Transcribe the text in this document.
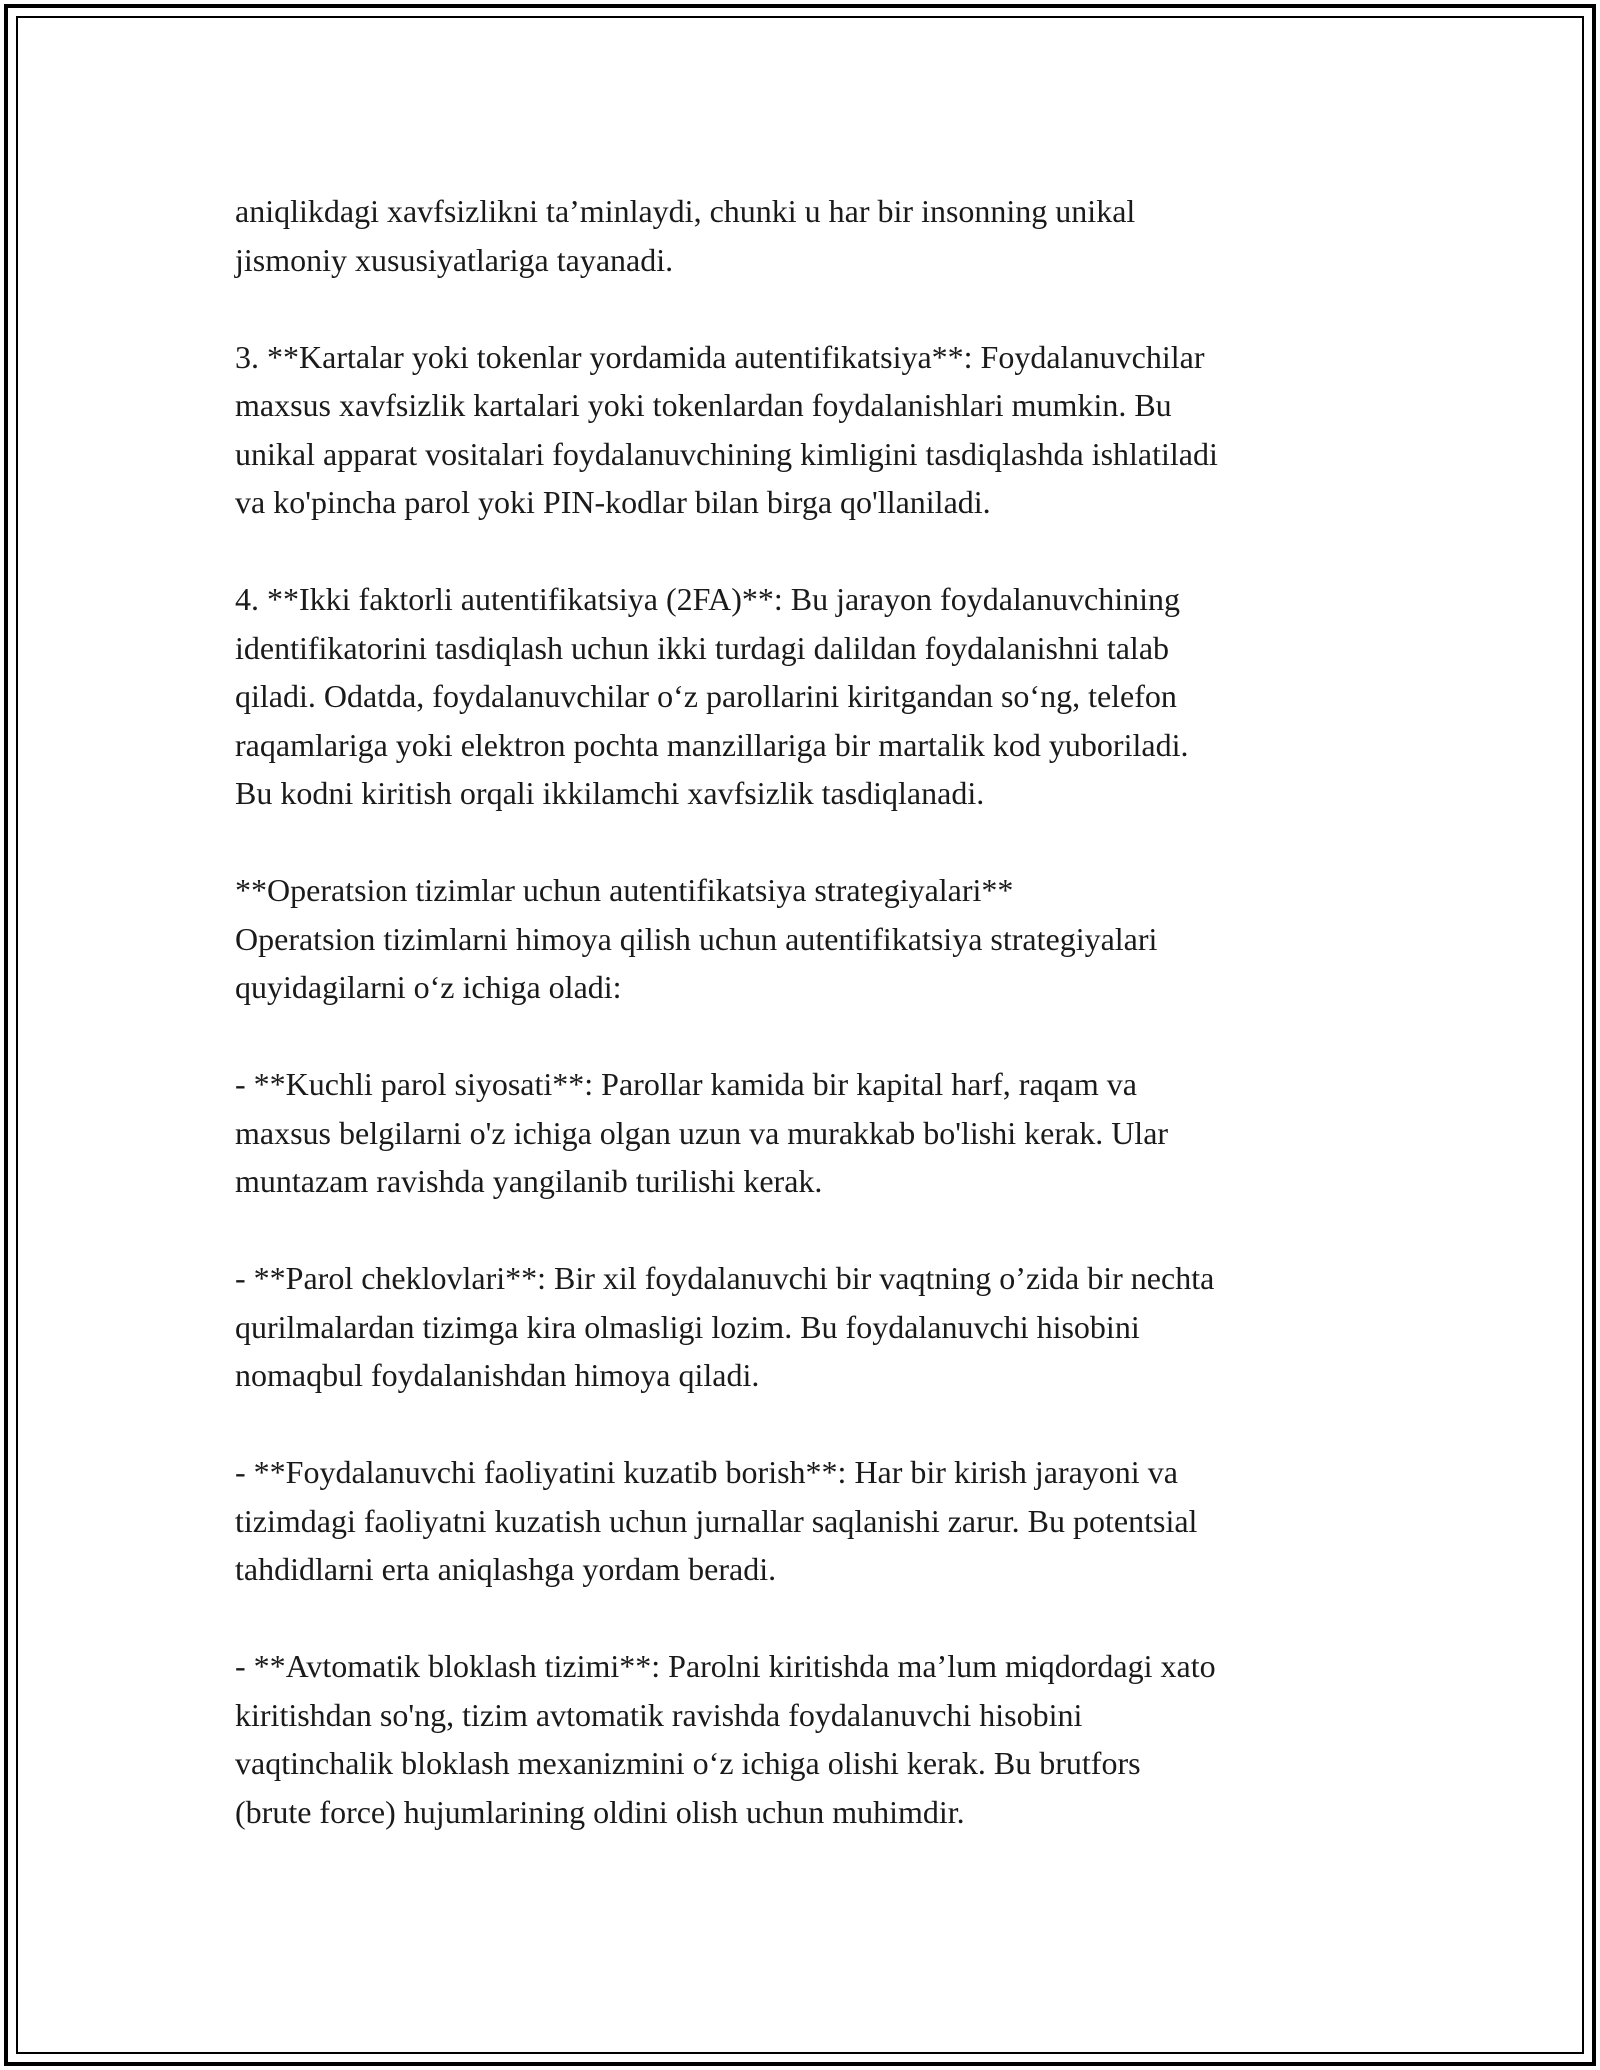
aniqlikdagi xavfsizlikni ta’minlaydi, chunki u har bir insonning unikal
jismoniy xususiyatlariga tayanadi.

3. **Kartalar yoki tokenlar yordamida autentifikatsiya**: Foydalanuvchilar
maxsus xavfsizlik kartalari yoki tokenlardan foydalanishlari mumkin. Bu
unikal apparat vositalari foydalanuvchining kimligini tasdiqlashda ishlatiladi
va ko'pincha parol yoki PIN-kodlar bilan birga qo'llaniladi.

4. **Ikki faktorli autentifikatsiya (2FA)**: Bu jarayon foydalanuvchining
identifikatorini tasdiqlash uchun ikki turdagi dalildan foydalanishni talab
qiladi. Odatda, foydalanuvchilar o‘z parollarini kiritgandan so‘ng, telefon
raqamlariga yoki elektron pochta manzillariga bir martalik kod yuboriladi.
Bu kodni kiritish orqali ikkilamchi xavfsizlik tasdiqlanadi.

**Operatsion tizimlar uchun autentifikatsiya strategiyalari**
Operatsion tizimlarni himoya qilish uchun autentifikatsiya strategiyalari
quyidagilarni o‘z ichiga oladi:

- **Kuchli parol siyosati**: Parollar kamida bir kapital harf, raqam va
maxsus belgilarni o'z ichiga olgan uzun va murakkab bo'lishi kerak. Ular
muntazam ravishda yangilanib turilishi kerak.

- **Parol cheklovlari**: Bir xil foydalanuvchi bir vaqtning o’zida bir nechta
qurilmalardan tizimga kira olmasligi lozim. Bu foydalanuvchi hisobini
nomaqbul foydalanishdan himoya qiladi.

- **Foydalanuvchi faoliyatini kuzatib borish**: Har bir kirish jarayoni va
tizimdagi faoliyatni kuzatish uchun jurnallar saqlanishi zarur. Bu potentsial
tahdidlarni erta aniqlashga yordam beradi.

- **Avtomatik bloklash tizimi**: Parolni kiritishda ma’lum miqdordagi xato
kiritishdan so'ng, tizim avtomatik ravishda foydalanuvchi hisobini
vaqtinchalik bloklash mexanizmini o‘z ichiga olishi kerak. Bu brutfors
(brute force) hujumlarining oldini olish uchun muhimdir.
